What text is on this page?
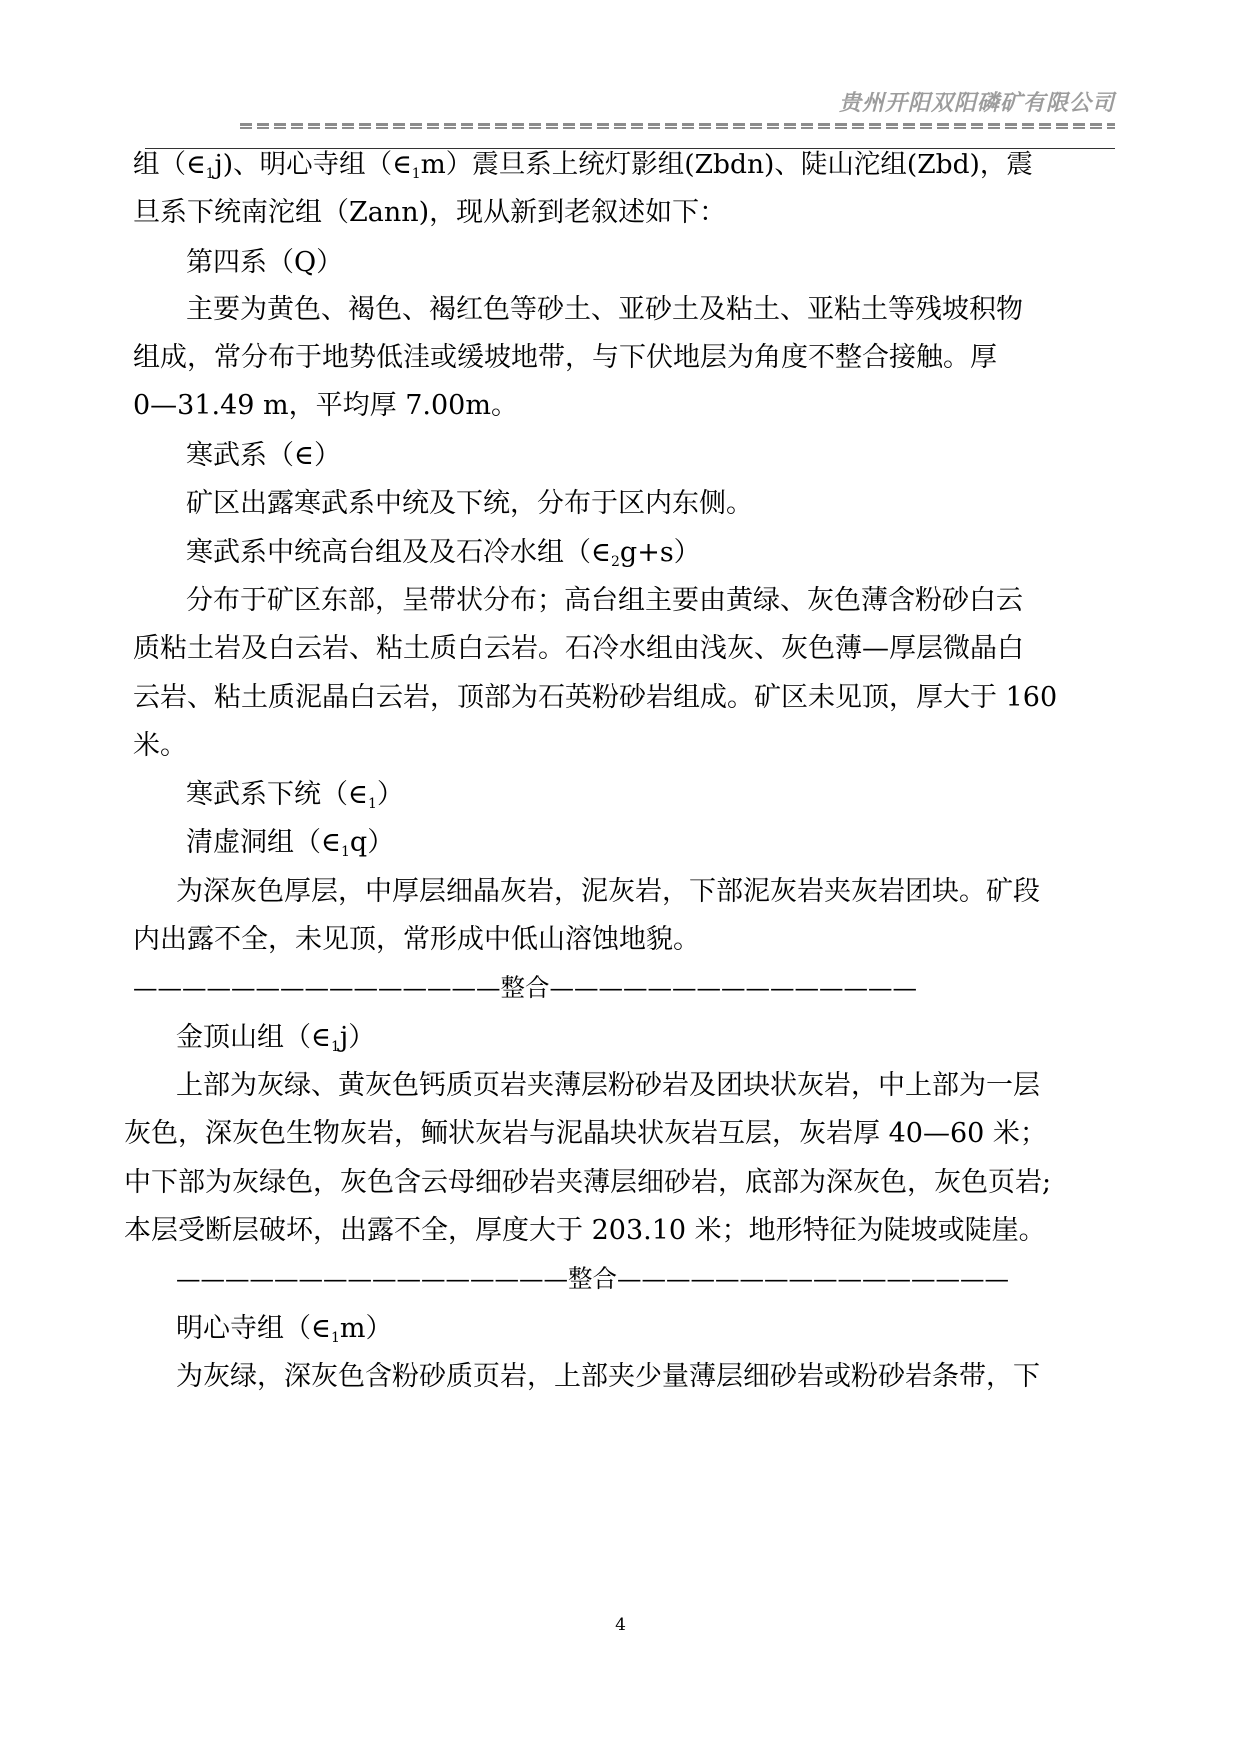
贵州开阳双阳磷矿有限公司
组$(\in_1j)$、明心寺组$(\in_1m)$震旦系上统灯影组(Zbdn)、陡山沱组(Zbd)，震
旦系下统南沱组（Zann)，现从新到老叙述如下：
第四系（Q）
主要为黄色、褐色、褐红色等砂土、亚砂土及粘土、亚粘土等残坡积物
组成，常分布于地势低洼或缓坡地带，与下伏地层为角度不整合接触。厚
0—31.49 m，平均厚 7.00m。
寒武系（∈）
矿区出露寒武系中统及下统，分布于区内东侧。
寒武系中统高台组及及石冷水组$(\in_2g+s)$
分布于矿区东部，呈带状分布；高台组主要由黄绿、灰色薄含粉砂白云
质粘土岩及白云岩、粘土质白云岩。石冷水组由浅灰、灰色薄—厚层微晶白
云岩、粘土质泥晶白云岩，顶部为石英粉砂岩组成。矿区未见顶，厚大于 160
米。
寒武系下统$(\in_1)$
清虚洞组$(\in_1q)$
为深灰色厚层，中厚层细晶灰岩，泥灰岩，下部泥灰岩夹灰岩团块。矿段
内出露不全，未见顶，常形成中低山溶蚀地貌。
———————————————整合———————————————
金顶山组$(\in_1j)$
上部为灰绿、黄灰色钙质页岩夹薄层粉砂岩及团块状灰岩，中上部为一层
灰色，深灰色生物灰岩，鲕状灰岩与泥晶块状灰岩互层，灰岩厚 40—60 米；
中下部为灰绿色，灰色含云母细砂岩夹薄层细砂岩，底部为深灰色，灰色页岩;
本层受断层破坏，出露不全，厚度大于 203.10 米；地形特征为陡坡或陡崖。
————————————————整合————————————————
明心寺组$(\in_1m)$
为灰绿，深灰色含粉砂质页岩，上部夹少量薄层细砂岩或粉砂岩条带，下
4
